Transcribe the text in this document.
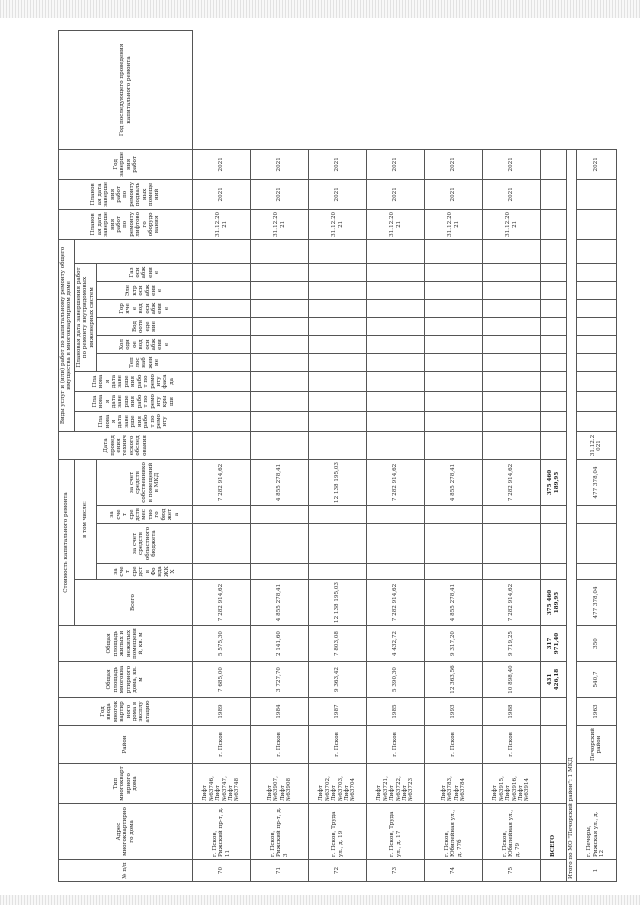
№ п/п	Адрес многоквартирного дома	Тип многоквартирного дома	Район	Год ввода многоквартирного дома в эксплуатацию	Общая площадь многоквартирного дома, кв. м	Общая площадь жилых и нежилых помещений, кв. м	Стоимость капитального ремонта					Дата проведения технического обследования	Виды услуг и (или) работ по капитальному ремонту общего имущества в многоквартирном доме										Плановая дата завершения работ по ремонту лифтового оборудования	Плановая дата завершения работ по ремонту подвальных помещений	Год завершения работ	Год последующего проведения капитального ремонта
							Всего	в том числе:					Плановая дата завершения работ по ремонту	Плановая дата завершения работ по ремонту крыши	Плановая дата завершения работ по ремонту фасада	Плановая дата завершения работ по ремонту внутридомовых инженерных систем									
								за счет средств Фонда ЖКХ	за счет средств областного бюджета	за счет средств местного бюджета	за счет средств собственников помещений в МКД					Теплоснабжение	Холодное водоснабжение	Водоотведение	Горячее водоснабжение	Электроснабжение	Газоснабжение					
70	г. Псков, Рижский пр-т, д. 11	Лифт №63746, Лифт №63747, Лифт №63748	г. Псков	1989	7 685,00	5 575,30	7 282 914,62				7 282 914,62												31.12.2021	2021	2021	
71	г. Псков, Рижский пр-т, д. 3	Лифт №63907, Лифт №63908	г. Псков	1984	3 727,70	2 141,60	4 855 278,41				4 855 278,41												31.12.2021	2021	2021	
72	г. Псков, Труда ул., д. 19	Лифт №63702, Лифт №63703, Лифт №63704	г. Псков	1987	9 363,42	7 803,08	12 138 195,03				12 138 195,03												31.12.2021	2021	2021	
73	г. Псков, Труда ул., д. 17	Лифт №63721, Лифт №63722, Лифт №63723	г. Псков	1985	5 390,30	4 432,72	7 282 914,62				7 282 914,62												31.12.2021	2021	2021	
74	г. Псков, Юбилейная ул., д. 77б	Лифт №63783, Лифт №63784	г. Псков	1993	12 363,56	9 317,20	4 855 278,41				4 855 278,41												31.12.2021	2021	2021	
75	г. Псков, Юбилейная ул., д. 79	Лифт №63915, Лифт №63916, Лифт №63914	г. Псков	1988	10 898,40	9 719,25	7 282 914,62				7 282 914,62												31.12.2021	2021	2021	
	ВСЕГО				431 426,18	317 971,40	375 460 189,95				375 460 189,95															
Итого по МО "Печорский район": 1 МКД																										
1	г. Печоры, Рижская ул., д. 12		Печорский район	1963	540,7	350	477 378,04				477 378,04	31.12.2021													2021	
